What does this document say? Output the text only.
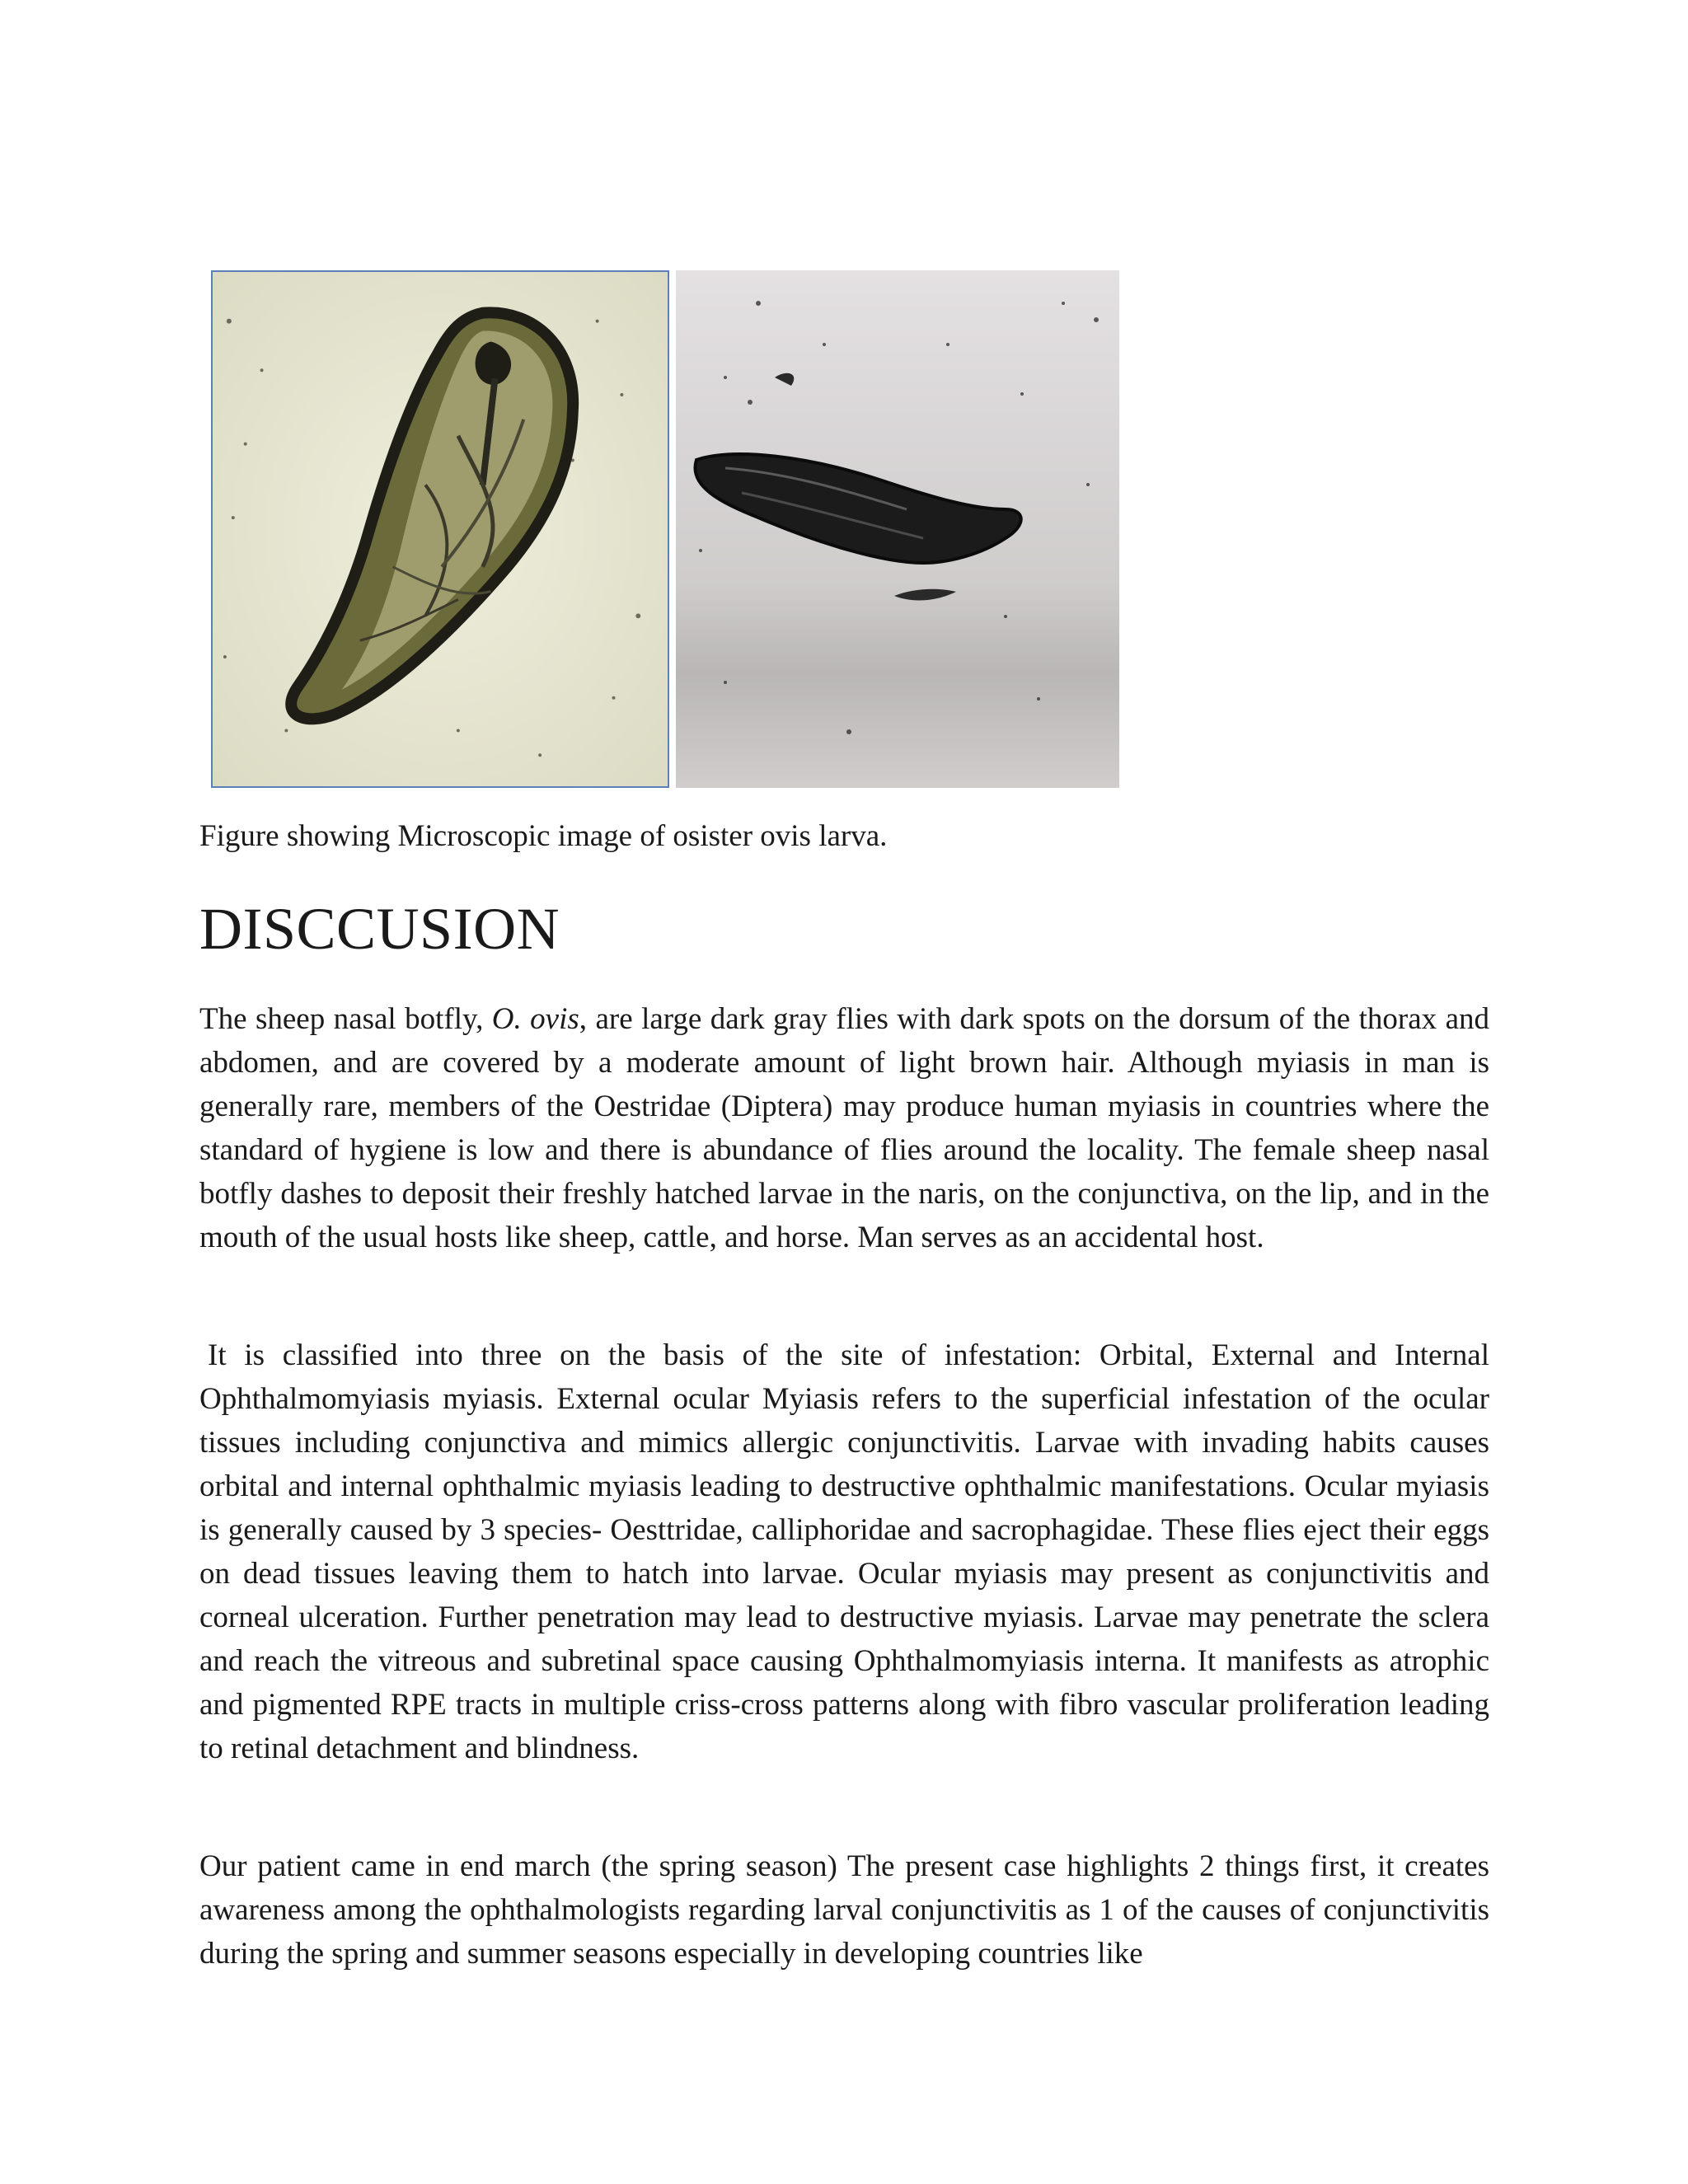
Figure showing Microscopic image of osister ovis larva.
DISCCUSION

The sheep nasal botfly, O. ovis, are large dark gray flies with dark spots on the dorsum of the thorax and abdomen, and are covered by a moderate amount of light brown hair. Although myiasis in man is generally rare, members of the Oestridae (Diptera) may produce human myiasis in countries where the standard of hygiene is low and there is abundance of flies around the locality. The female sheep nasal botfly dashes to deposit their freshly hatched larvae in the naris, on the conjunctiva, on the lip, and in the mouth of the usual hosts like sheep, cattle, and horse. Man serves as an accidental host.

It is classified into three on the basis of the site of infestation: Orbital, External and Internal Ophthalmomyiasis myiasis. External ocular Myiasis refers to the superficial infestation of the ocular tissues including conjunctiva and mimics allergic conjunctivitis. Larvae with invading habits causes orbital and internal ophthalmic myiasis leading to destructive ophthalmic manifestations. Ocular myiasis is generally caused by 3 species- Oesttridae, calliphoridae and sacrophagidae. These flies eject their eggs on dead tissues leaving them to hatch into larvae. Ocular myiasis may present as conjunctivitis and corneal ulceration. Further penetration may lead to destructive myiasis. Larvae may penetrate the sclera and reach the vitreous and subretinal space causing Ophthalmomyiasis interna. It manifests as atrophic and pigmented RPE tracts in multiple criss-cross patterns along with fibro vascular proliferation leading to retinal detachment and blindness.

Our patient came in end march (the spring season) The present case highlights 2 things first, it creates awareness among the ophthalmologists regarding larval conjunctivitis as 1 of the causes of conjunctivitis during the spring and summer seasons especially in developing countries like
